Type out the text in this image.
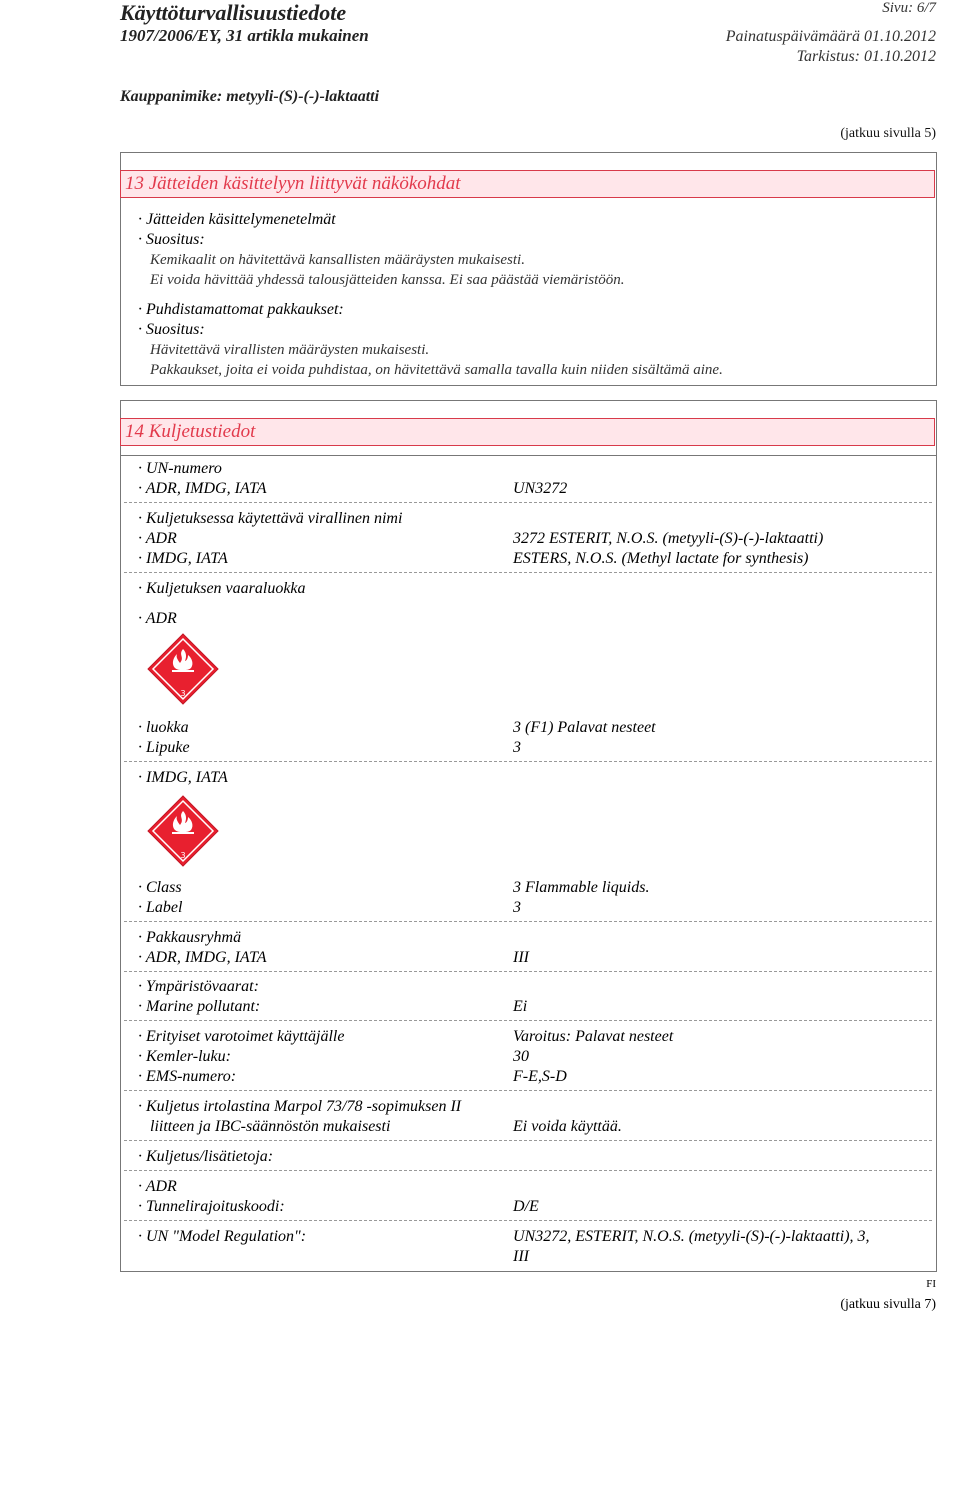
Käyttöturvallisuustiedote
1907/2006/EY, 31 artikla mukainen
Sivu: 6/7
Painatuspäivämäärä 01.10.2012
Tarkistus: 01.10.2012
Kauppanimike: metyyli-(S)-(-)-laktaatti
(jatkuu sivulla 5)
13 Jätteiden käsittelyyn liittyvät näkökohdat
· Jätteiden käsittelymenetelmät
· Suositus:
Kemikaalit on hävitettävä kansallisten määräysten mukaisesti.
Ei voida hävittää yhdessä talousjätteiden kanssa. Ei saa päästää viemäristöön.
· Puhdistamattomat pakkaukset:
· Suositus:
Hävitettävä virallisten määräysten mukaisesti.
Pakkaukset, joita ei voida puhdistaa, on hävitettävä samalla tavalla kuin niiden sisältämä aine.
14 Kuljetustiedot
· UN-numero
· ADR, IMDG, IATA	UN3272
· Kuljetuksessa käytettävä virallinen nimi
· ADR	3272 ESTERIT, N.O.S. (metyyli-(S)-(-)-laktaatti)
· IMDG, IATA	ESTERS, N.O.S. (Methyl lactate for synthesis)
· Kuljetuksen vaaraluokka
· ADR
3
· luokka	3 (F1) Palavat nesteet
· Lipuke	3
· IMDG, IATA
3
· Class	3 Flammable liquids.
· Label	3
· Pakkausryhmä
· ADR, IMDG, IATA	III
· Ympäristövaarat:
· Marine pollutant:	Ei
· Erityiset varotoimet käyttäjälle	Varoitus: Palavat nesteet
· Kemler-luku:	30
· EMS-numero:	F-E,S-D
· Kuljetus irtolastina Marpol 73/78 -sopimuksen II
liitteen ja IBC-säännöstön mukaisesti	Ei voida käyttää.
· Kuljetus/lisätietoja:
· ADR
· Tunnelirajoituskoodi:	D/E
· UN "Model Regulation":	UN3272, ESTERIT, N.O.S. (metyyli-(S)-(-)-laktaatti), 3,
III
FI
(jatkuu sivulla 7)
